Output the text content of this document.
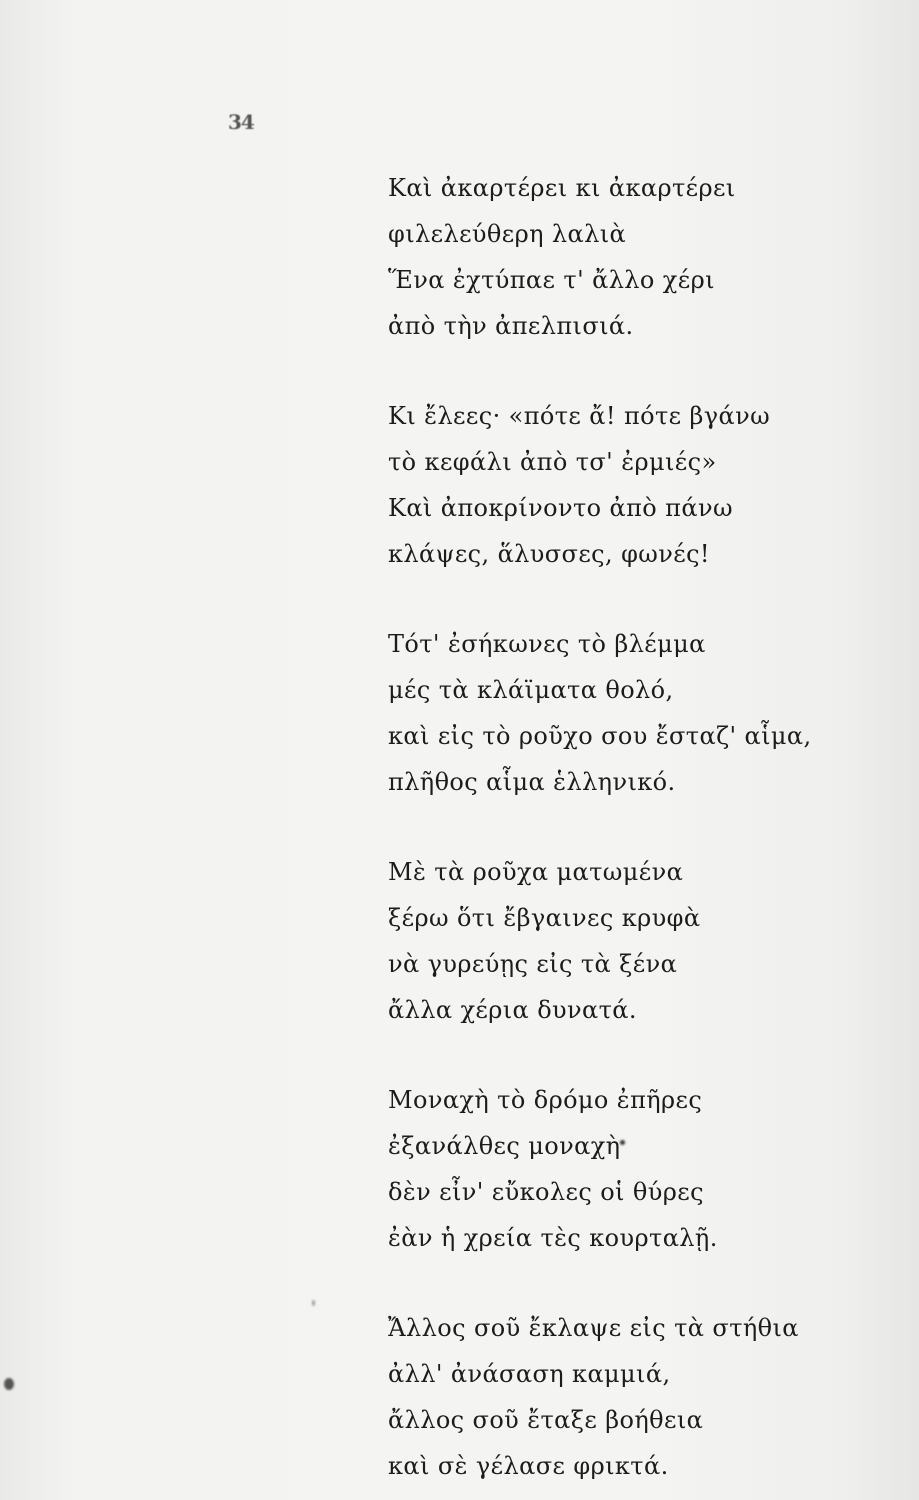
34
Καὶ ἀκαρτέρει κι ἀκαρτέρει
φιλελεύθερη λαλιὰ
Ἕνα ἐχτύπαε τ' ἄλλο χέρι
ἀπὸ τὴν ἀπελπισιά.
Κι ἔλεες· «πότε ἄ! πότε βγάνω
τὸ κεφάλι ἀπὸ τσ' ἐρμιές»
Καὶ ἀποκρίνοντο ἀπὸ πάνω
κλάψες, ἅλυσσες, φωνές!
Τότ' ἐσήκωνες τὸ βλέμμα
μές τὰ κλάϊματα θολό,
καὶ εἰς τὸ ροῦχο σου ἔσταζ' αἷμα,
πλῆθος αἷμα ἑλληνικό.
Μὲ τὰ ροῦχα ματωμένα
ξέρω ὅτι ἔβγαινες κρυφὰ
νὰ γυρεύῃς εἰς τὰ ξένα
ἄλλα χέρια δυνατά.
Μοναχὴ τὸ δρόμο ἐπῆρες
ἐξανάλθες μοναχὴ
δὲν εἶν' εὔκολες οἱ θύρες
ἐὰν ἡ χρεία τὲς κουρταλῇ.
Ἄλλος σοῦ ἔκλαψε εἰς τὰ στήθια
ἀλλ' ἀνάσαση καμμιά,
ἄλλος σοῦ ἔταξε βοήθεια
καὶ σὲ γέλασε φρικτά.
